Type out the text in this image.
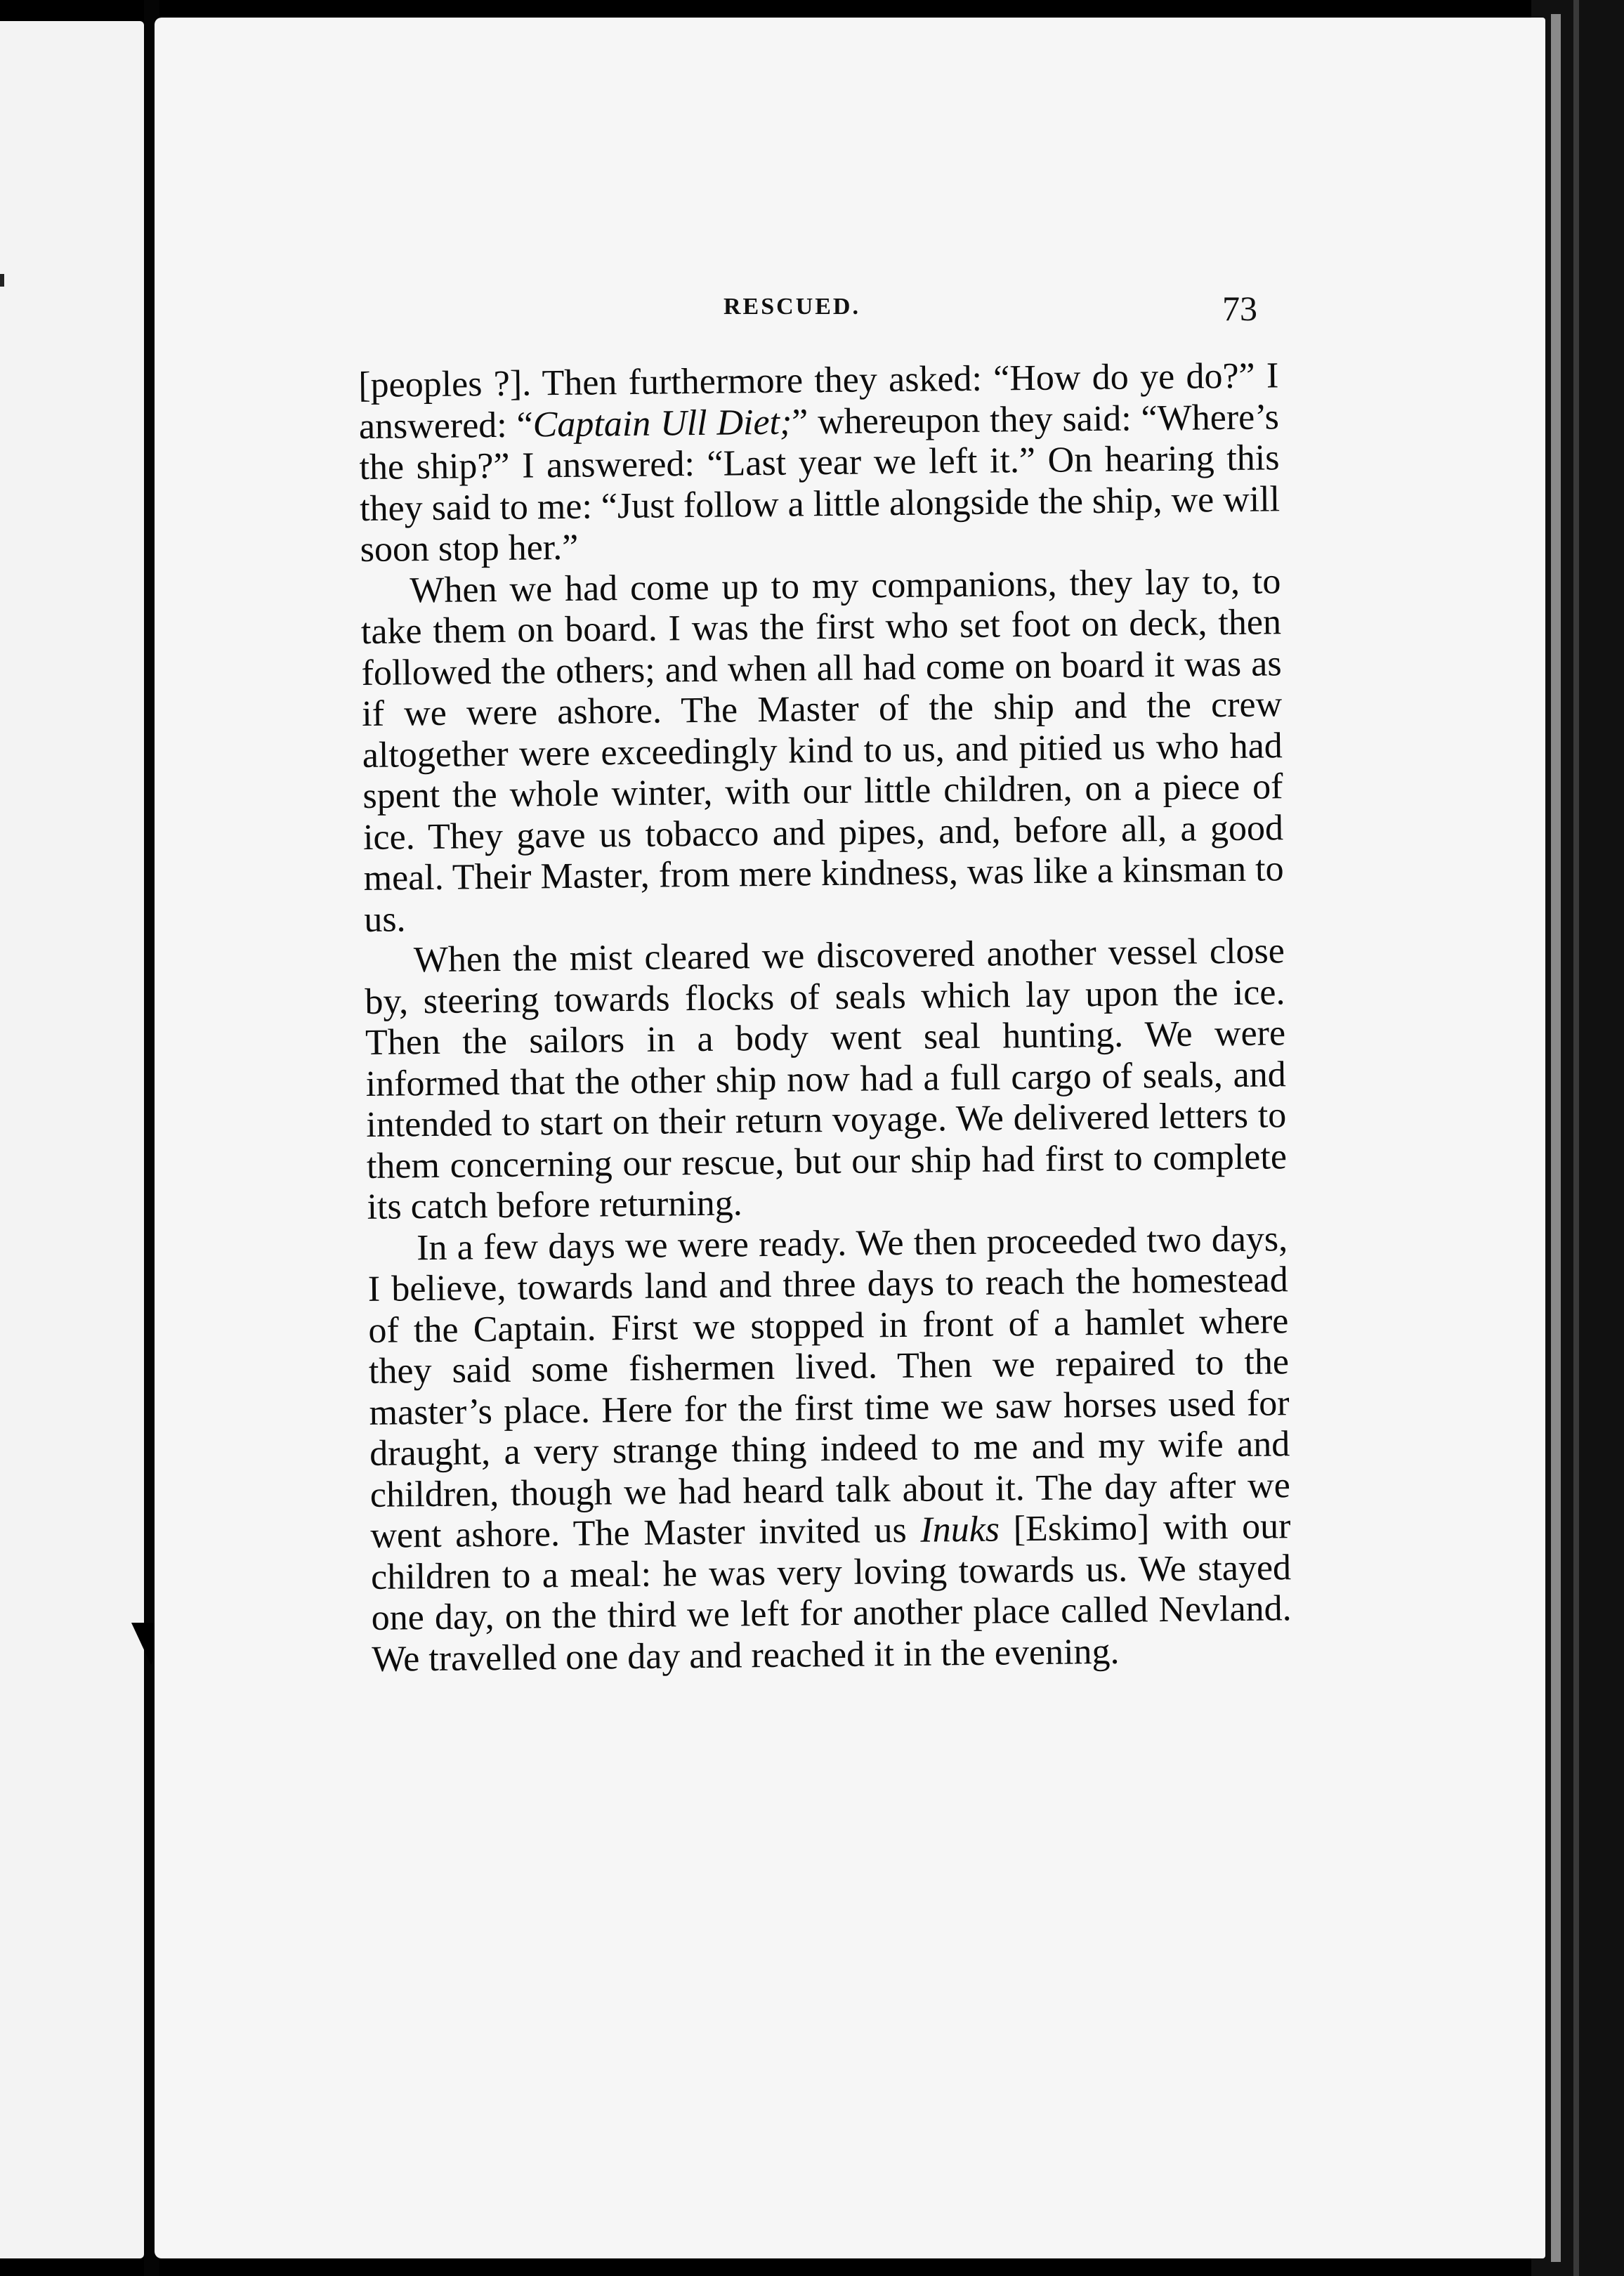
RESCUED.	73

[peoples ?]. Then furthermore they asked: “How do ye do?” I answered: “Captain Ull Diet;” whereupon they said: “Where’s the ship?” I answered: “Last year we left it.” On hearing this they said to me: “Just follow a little alongside the ship, we will soon stop her.”

When we had come up to my companions, they lay to, to take them on board. I was the first who set foot on deck, then followed the others; and when all had come on board it was as if we were ashore. The Master of the ship and the crew altogether were exceedingly kind to us, and pitied us who had spent the whole winter, with our little children, on a piece of ice. They gave us tobacco and pipes, and, before all, a good meal. Their Master, from mere kindness, was like a kinsman to us.

When the mist cleared we discovered another vessel close by, steering towards flocks of seals which lay upon the ice. Then the sailors in a body went seal hunting. We were informed that the other ship now had a full cargo of seals, and intended to start on their return voyage. We delivered letters to them concerning our rescue, but our ship had first to complete its catch before returning.

In a few days we were ready. We then proceeded two days, I believe, towards land and three days to reach the homestead of the Captain. First we stopped in front of a hamlet where they said some fishermen lived. Then we repaired to the master’s place. Here for the first time we saw horses used for draught, a very strange thing indeed to me and my wife and children, though we had heard talk about it. The day after we went ashore. The Master invited us Inuks [Eskimo] with our children to a meal: he was very loving towards us. We stayed one day, on the third we left for another place called Nevland. We travelled one day and reached it in the evening.
